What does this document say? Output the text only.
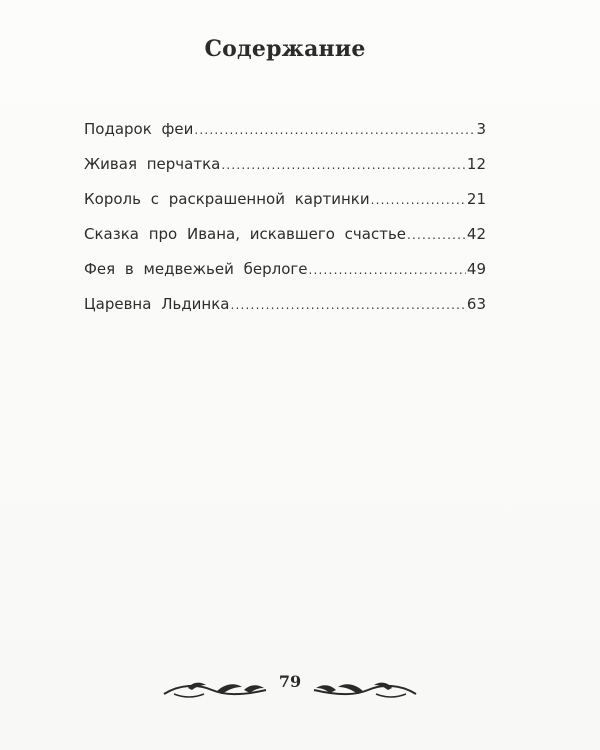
Содержание
Подарок феи .....	3
Живая перчатка .....	12
Король с раскрашенной картинки .....	21
Сказка про Ивана, искавшего счастье .....	42
Фея в медвежьей берлоге .....	49
Царевна Льдинка .....	63
79
